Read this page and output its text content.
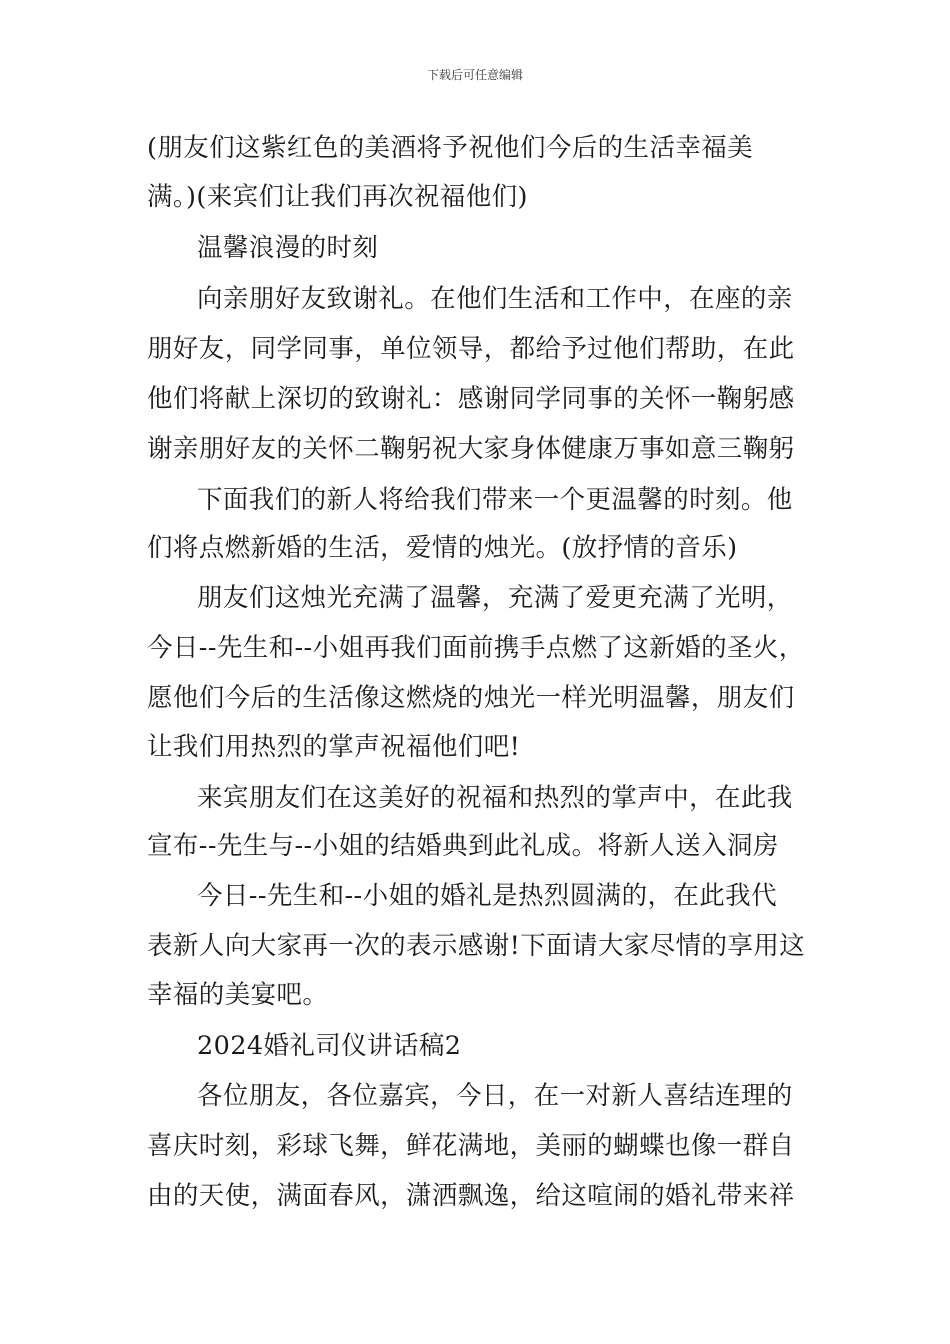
下载后可任意编辑
(朋友们这紫红色的美酒将予祝他们今后的生活幸福美
满。)(来宾们让我们再次祝福他们)
温馨浪漫的时刻
向亲朋好友致谢礼。在他们生活和工作中，在座的亲
朋好友，同学同事，单位领导，都给予过他们帮助，在此
他们将献上深切的致谢礼：感谢同学同事的关怀一鞠躬感
谢亲朋好友的关怀二鞠躬祝大家身体健康万事如意三鞠躬
下面我们的新人将给我们带来一个更温馨的时刻。他
们将点燃新婚的生活，爱情的烛光。(放抒情的音乐)
朋友们这烛光充满了温馨，充满了爱更充满了光明，
今日--先生和--小姐再我们面前携手点燃了这新婚的圣火，
愿他们今后的生活像这燃烧的烛光一样光明温馨，朋友们
让我们用热烈的掌声祝福他们吧!
来宾朋友们在这美好的祝福和热烈的掌声中，在此我
宣布--先生与--小姐的结婚典到此礼成。将新人送入洞房
今日--先生和--小姐的婚礼是热烈圆满的，在此我代
表新人向大家再一次的表示感谢!下面请大家尽情的享用这
幸福的美宴吧。
2024婚礼司仪讲话稿2
各位朋友，各位嘉宾，今日，在一对新人喜结连理的
喜庆时刻，彩球飞舞，鲜花满地，美丽的蝴蝶也像一群自
由的天使，满面春风，潇洒飘逸，给这喧闹的婚礼带来祥
